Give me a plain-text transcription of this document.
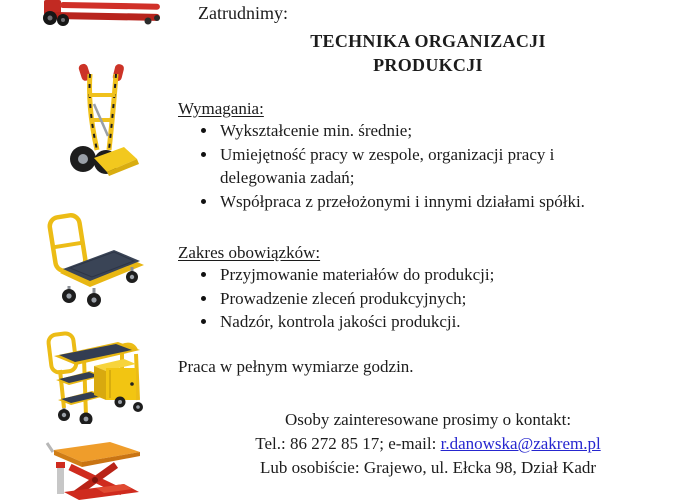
Zatrudnimy:
TECHNIKA ORGANIZACJI
PRODUKCJI
Wymagania:
• Wykształcenie min. średnie;
• Umiejętność pracy w zespole, organizacji pracy i delegowania zadań;
• Współpraca z przełożonymi i innymi działami spółki.
Zakres obowiązków:
• Przyjmowanie materiałów do produkcji;
• Prowadzenie zleceń produkcyjnych;
• Nadzór, kontrola jakości produkcji.
Praca w pełnym wymiarze godzin.
Osoby zainteresowane prosimy o kontakt:
Tel.: 86 272 85 17; e-mail: r.danowska@zakrem.pl
Lub osobiście: Grajewo, ul. Ełcka 98, Dział Kadr
